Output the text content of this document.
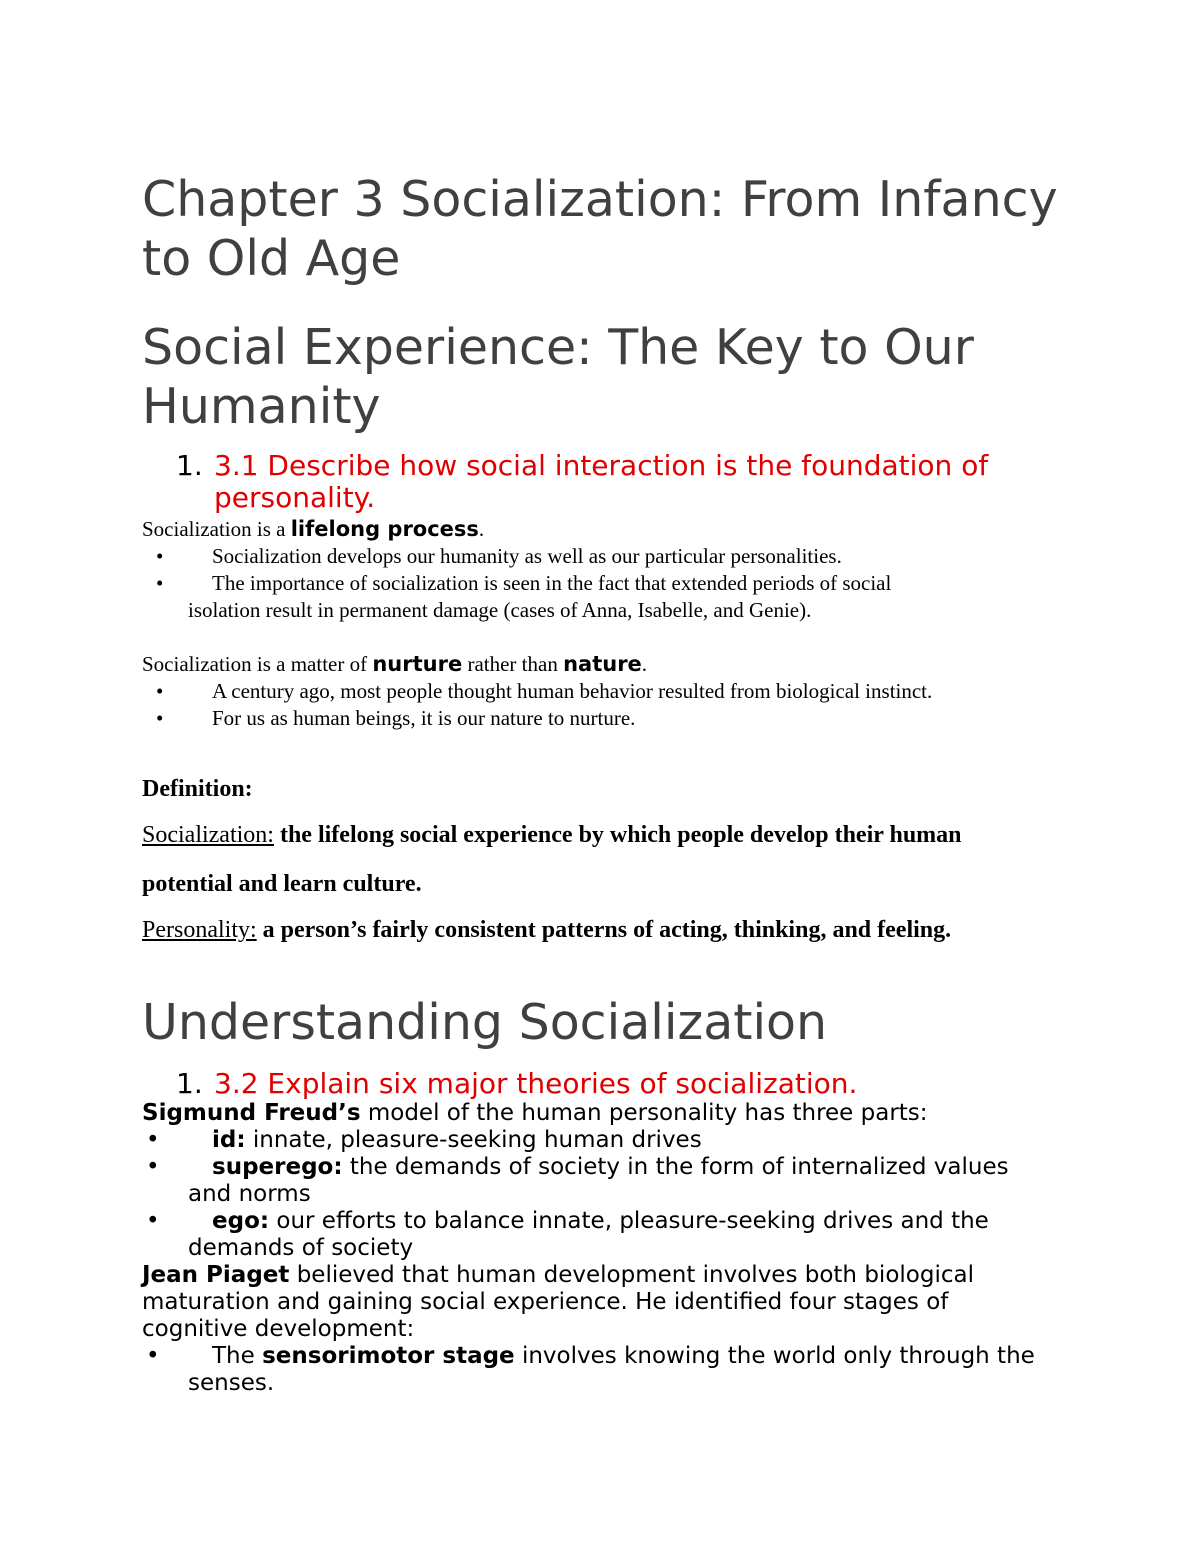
Chapter 3 Socialization: From Infancy to Old Age
Social Experience: The Key to Our Humanity
1. 3.1 Describe how social interaction is the foundation of personality.
Socialization is a lifelong process.
• Socialization develops our humanity as well as our particular personalities.
• The importance of socialization is seen in the fact that extended periods of social
isolation result in permanent damage (cases of Anna, Isabelle, and Genie).
Socialization is a matter of nurture rather than nature.
• A century ago, most people thought human behavior resulted from biological instinct.
• For us as human beings, it is our nature to nurture.
Definition:
Socialization: the lifelong social experience by which people develop their human
potential and learn culture.
Personality: a person’s fairly consistent patterns of acting, thinking, and feeling.
Understanding Socialization
1. 3.2 Explain six major theories of socialization.
Sigmund Freud’s model of the human personality has three parts:
• id: innate, pleasure-seeking human drives
• superego: the demands of society in the form of internalized values
and norms
• ego: our efforts to balance innate, pleasure-seeking drives and the
demands of society
Jean Piaget believed that human development involves both biological
maturation and gaining social experience. He identified four stages of
cognitive development:
• The sensorimotor stage involves knowing the world only through the
senses.
